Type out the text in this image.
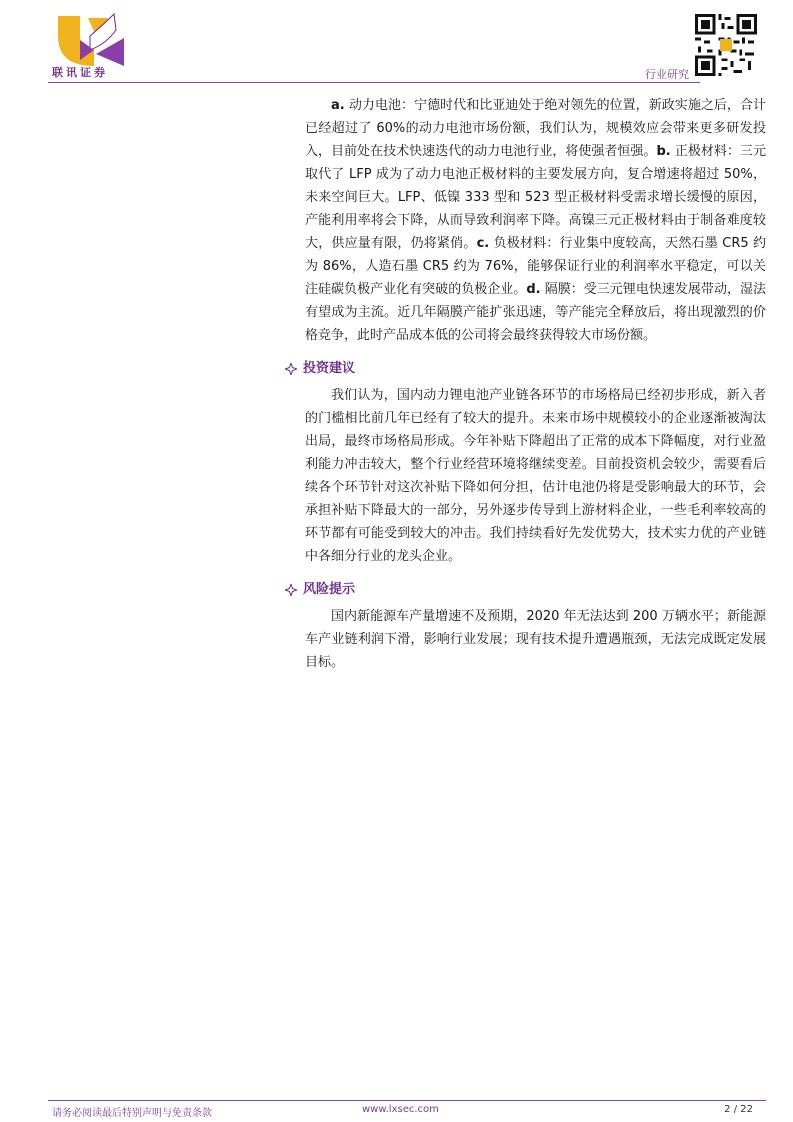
联讯证券	行业研究

a. 动力电池：宁德时代和比亚迪处于绝对领先的位置，新政实施之后，合计已经超过了 60%的动力电池市场份额，我们认为，规模效应会带来更多研发投入，目前处在技术快速迭代的动力电池行业，将使强者恒强。b. 正极材料：三元取代了 LFP 成为了动力电池正极材料的主要发展方向，复合增速将超过 50%，未来空间巨大。LFP、低镍 333 型和 523 型正极材料受需求增长缓慢的原因，产能利用率将会下降，从而导致利润率下降。高镍三元正极材料由于制备难度较大，供应量有限，仍将紧俏。c. 负极材料：行业集中度较高，天然石墨 CR5 约为 86%，人造石墨 CR5 约为 76%，能够保证行业的利润率水平稳定，可以关注硅碳负极产业化有突破的负极企业。d. 隔膜：受三元锂电快速发展带动，湿法有望成为主流。近几年隔膜产能扩张迅速，等产能完全释放后，将出现激烈的价格竞争，此时产品成本低的公司将会最终获得较大市场份额。

投资建议

我们认为，国内动力锂电池产业链各环节的市场格局已经初步形成，新入者的门槛相比前几年已经有了较大的提升。未来市场中规模较小的企业逐渐被淘汰出局，最终市场格局形成。今年补贴下降超出了正常的成本下降幅度，对行业盈利能力冲击较大，整个行业经营环境将继续变差。目前投资机会较少，需要看后续各个环节针对这次补贴下降如何分担，估计电池仍将是受影响最大的环节，会承担补贴下降最大的一部分，另外逐步传导到上游材料企业，一些毛利率较高的环节都有可能受到较大的冲击。我们持续看好先发优势大，技术实力优的产业链中各细分行业的龙头企业。

风险提示

国内新能源车产量增速不及预期，2020 年无法达到 200 万辆水平；新能源车产业链利润下滑，影响行业发展；现有技术提升遭遇瓶颈，无法完成既定发展目标。

请务必阅读最后特别声明与免责条款	www.lxsec.com	2 / 22
